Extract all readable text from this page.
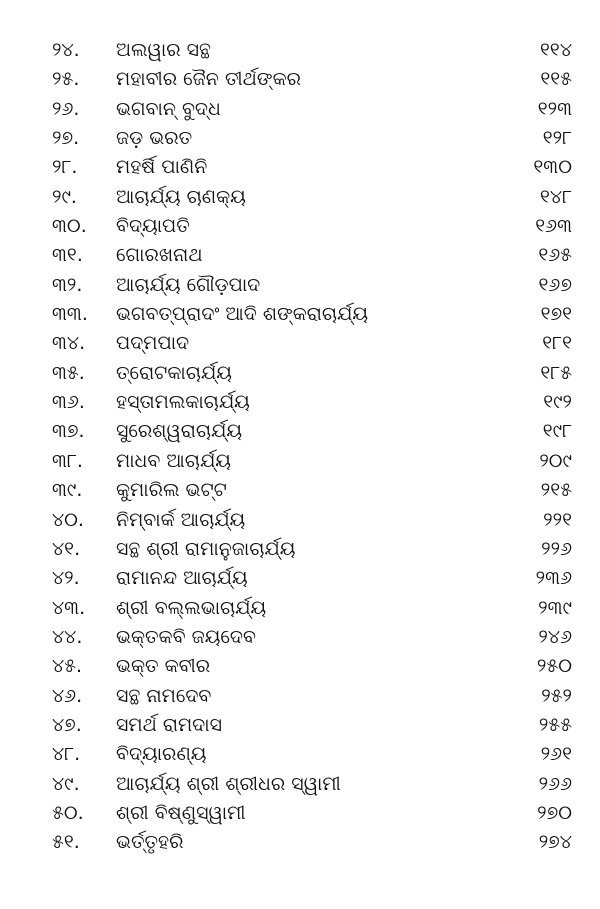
୨୪. ଅଲୱାର ସନ୍ଥ	୧୧୪
୨୫. ମହାବୀର ଜୈନ ତୀର୍ଥଙ୍କର	୧୧୫
୨୬. ଭଗବାନ୍ ବୁଦ୍ଧ	୧୨୩
୨୭. ଜଡ଼ ଭରତ	୧୨୮
୨୮. ମହର୍ଷି ପାଣିନି	୧୩୦
୨୯. ଆଚାର୍ଯ୍ୟ ଚାଣକ୍ୟ	୧୪୮
୩୦. ବିଦ୍ୟାପତି	୧୬୩
୩୧. ଗୋରଖନାଥ	୧୬୫
୩୨. ଆଚାର୍ଯ୍ୟ ଗୌଡ଼ପାଦ	୧୬୭
୩୩. ଭଗବତ୍‌ପ୍ରାଦଂ ଆଦି ଶଙ୍କରାଚାର୍ଯ୍ୟ	୧୭୧
୩୪. ପଦ୍ମପାଦ	୧୮୧
୩୫. ତ୍ରୋଟକାଚାର୍ଯ୍ୟ	୧୮୫
୩୬. ହସ୍ତାମଲକାଚାର୍ଯ୍ୟ	୧୯୨
୩୭. ସୁରେଶ୍ୱରାଚାର୍ଯ୍ୟ	୧୯୮
୩୮. ମାଧବ ଆଚାର୍ଯ୍ୟ	୨୦୯
୩୯. କୁମାରିଲ ଭଟ୍ଟ	୨୧୫
୪୦. ନିମ୍ବାର୍କ ଆଚାର୍ଯ୍ୟ	୨୨୧
୪୧. ସନ୍ଥ ଶ୍ରୀ ରାମାନୁଜାଚାର୍ଯ୍ୟ	୨୨୬
୪୨. ରାମାନନ୍ଦ ଆଚାର୍ଯ୍ୟ	୨୩୬
୪୩. ଶ୍ରୀ ବଲ୍ଲଭାଚାର୍ଯ୍ୟ	୨୩୯
୪୪. ଭକ୍ତକବି ଜୟଦେବ	୨୪୬
୪୫. ଭକ୍ତ କବୀର	୨୫୦
୪୬. ସନ୍ଥ ନାମଦେବ	୨୫୨
୪୭. ସମର୍ଥ ରାମଦାସ	୨୫୫
୪୮. ବିଦ୍ୟାରଣ୍ୟ	୨୬୧
୪୯. ଆଚାର୍ଯ୍ୟ ଶ୍ରୀ ଶ୍ରୀଧର ସ୍ୱାମୀ	୨୬୬
୫୦. ଶ୍ରୀ ବିଷ୍ଣୁସ୍ୱାମୀ	୨୭୦
୫୧. ଭର୍ତ୍ତୃହରି	୨୭୪
